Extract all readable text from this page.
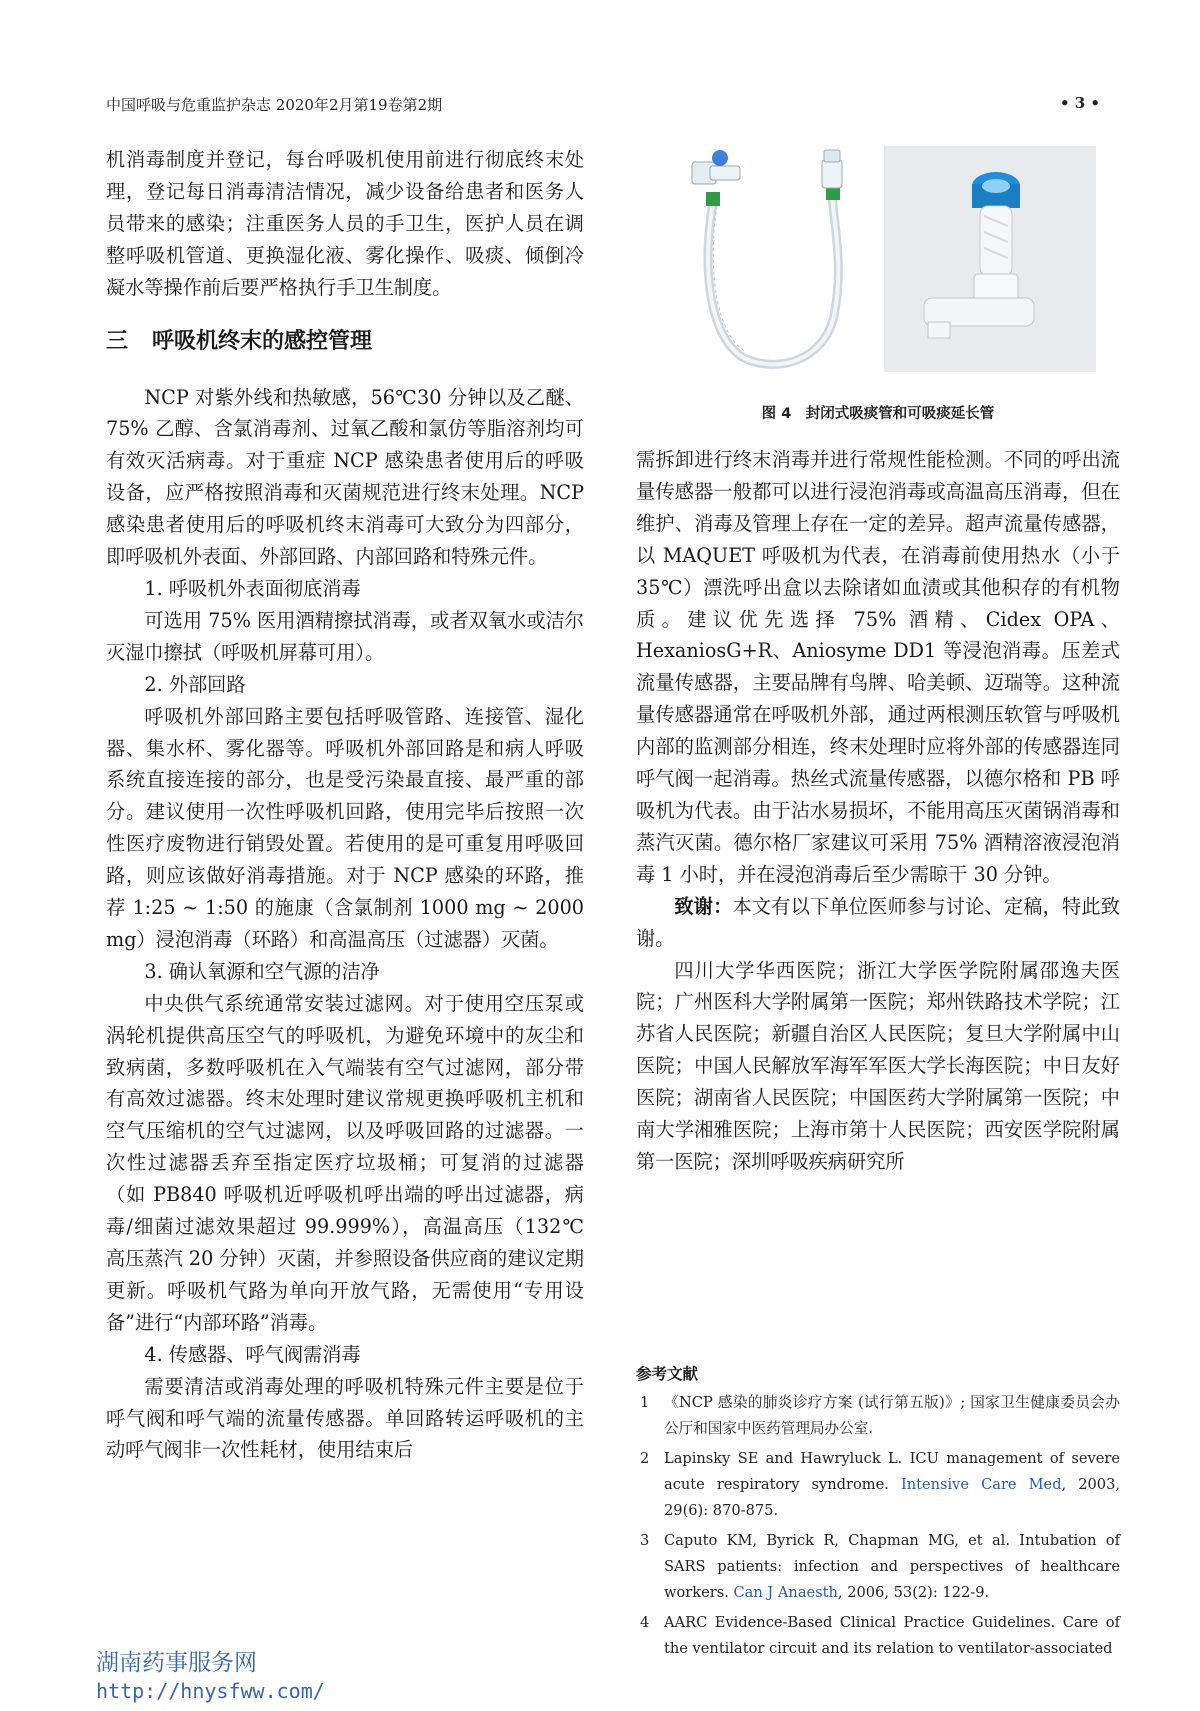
中国呼吸与危重监护杂志 2020年2月第19卷第2期	• 3 •

机消毒制度并登记，每台呼吸机使用前进行彻底终末处理，登记每日消毒清洁情况，减少设备给患者和医务人员带来的感染；注重医务人员的手卫生，医护人员在调整呼吸机管道、更换湿化液、雾化操作、吸痰、倾倒冷凝水等操作前后要严格执行手卫生制度。

三 呼吸机终末的感控管理

NCP 对紫外线和热敏感，56℃30 分钟以及乙醚、75% 乙醇、含氯消毒剂、过氧乙酸和氯仿等脂溶剂均可有效灭活病毒。对于重症 NCP 感染患者使用后的呼吸设备，应严格按照消毒和灭菌规范进行终末处理。NCP 感染患者使用后的呼吸机终末消毒可大致分为四部分，即呼吸机外表面、外部回路、内部回路和特殊元件。

1. 呼吸机外表面彻底消毒

可选用 75% 医用酒精擦拭消毒，或者双氧水或洁尔灭湿巾擦拭（呼吸机屏幕可用）。

2. 外部回路

呼吸机外部回路主要包括呼吸管路、连接管、湿化器、集水杯、雾化器等。呼吸机外部回路是和病人呼吸系统直接连接的部分，也是受污染最直接、最严重的部分。建议使用一次性呼吸机回路，使用完毕后按照一次性医疗废物进行销毁处置。若使用的是可重复用呼吸回路，则应该做好消毒措施。对于 NCP 感染的环路，推荐 1:25 ~ 1:50 的施康（含氯制剂 1000 mg ~ 2000 mg）浸泡消毒（环路）和高温高压（过滤器）灭菌。

3. 确认氧源和空气源的洁净

中央供气系统通常安装过滤网。对于使用空压泵或涡轮机提供高压空气的呼吸机，为避免环境中的灰尘和致病菌，多数呼吸机在入气端装有空气过滤网，部分带有高效过滤器。终末处理时建议常规更换呼吸机主机和空气压缩机的空气过滤网，以及呼吸回路的过滤器。一次性过滤器丢弃至指定医疗垃圾桶；可复消的过滤器（如 PB840 呼吸机近呼吸机呼出端的呼出过滤器，病毒/细菌过滤效果超过 99.999%），高温高压（132℃ 高压蒸汽 20 分钟）灭菌，并参照设备供应商的建议定期更新。呼吸机气路为单向开放气路，无需使用“专用设备”进行“内部环路”消毒。

4. 传感器、呼气阀需消毒

需要清洁或消毒处理的呼吸机特殊元件主要是位于呼气阀和呼气端的流量传感器。单回路转运呼吸机的主动呼气阀非一次性耗材，使用结束后

图 4　封闭式吸痰管和可吸痰延长管

需拆卸进行终末消毒并进行常规性能检测。不同的呼出流量传感器一般都可以进行浸泡消毒或高温高压消毒，但在维护、消毒及管理上存在一定的差异。超声流量传感器，以 MAQUET 呼吸机为代表，在消毒前使用热水（小于 35℃）漂洗呼出盒以去除诸如血渍或其他积存的有机物质。建议优先选择 75% 酒精、Cidex OPA、HexaniosG+R、Aniosyme DD1 等浸泡消毒。压差式流量传感器，主要品牌有鸟牌、哈美顿、迈瑞等。这种流量传感器通常在呼吸机外部，通过两根测压软管与呼吸机内部的监测部分相连，终末处理时应将外部的传感器连同呼气阀一起消毒。热丝式流量传感器，以德尔格和 PB 呼吸机为代表。由于沾水易损坏，不能用高压灭菌锅消毒和蒸汽灭菌。德尔格厂家建议可采用 75% 酒精溶液浸泡消毒 1 小时，并在浸泡消毒后至少需晾干 30 分钟。

致谢：本文有以下单位医师参与讨论、定稿，特此致谢。

四川大学华西医院；浙江大学医学院附属邵逸夫医院；广州医科大学附属第一医院；郑州铁路技术学院；江苏省人民医院；新疆自治区人民医院；复旦大学附属中山医院；中国人民解放军海军军医大学长海医院；中日友好医院；湖南省人民医院；中国医药大学附属第一医院；中南大学湘雅医院；上海市第十人民医院；西安医学院附属第一医院；深圳呼吸疾病研究所

参考文献
1 《NCP 感染的肺炎诊疗方案 (试行第五版)》; 国家卫生健康委员会办公厅和国家中医药管理局办公室.
2 Lapinsky SE and Hawryluck L. ICU management of severe acute respiratory syndrome. Intensive Care Med, 2003, 29(6): 870-875.
3 Caputo KM, Byrick R, Chapman MG, et al. Intubation of SARS patients: infection and perspectives of healthcare workers. Can J Anaesth, 2006, 53(2): 122-9.
4 AARC Evidence-Based Clinical Practice Guidelines. Care of the ventilator circuit and its relation to ventilator-associated
湖南药事服务网
http://hnysfww.com/
